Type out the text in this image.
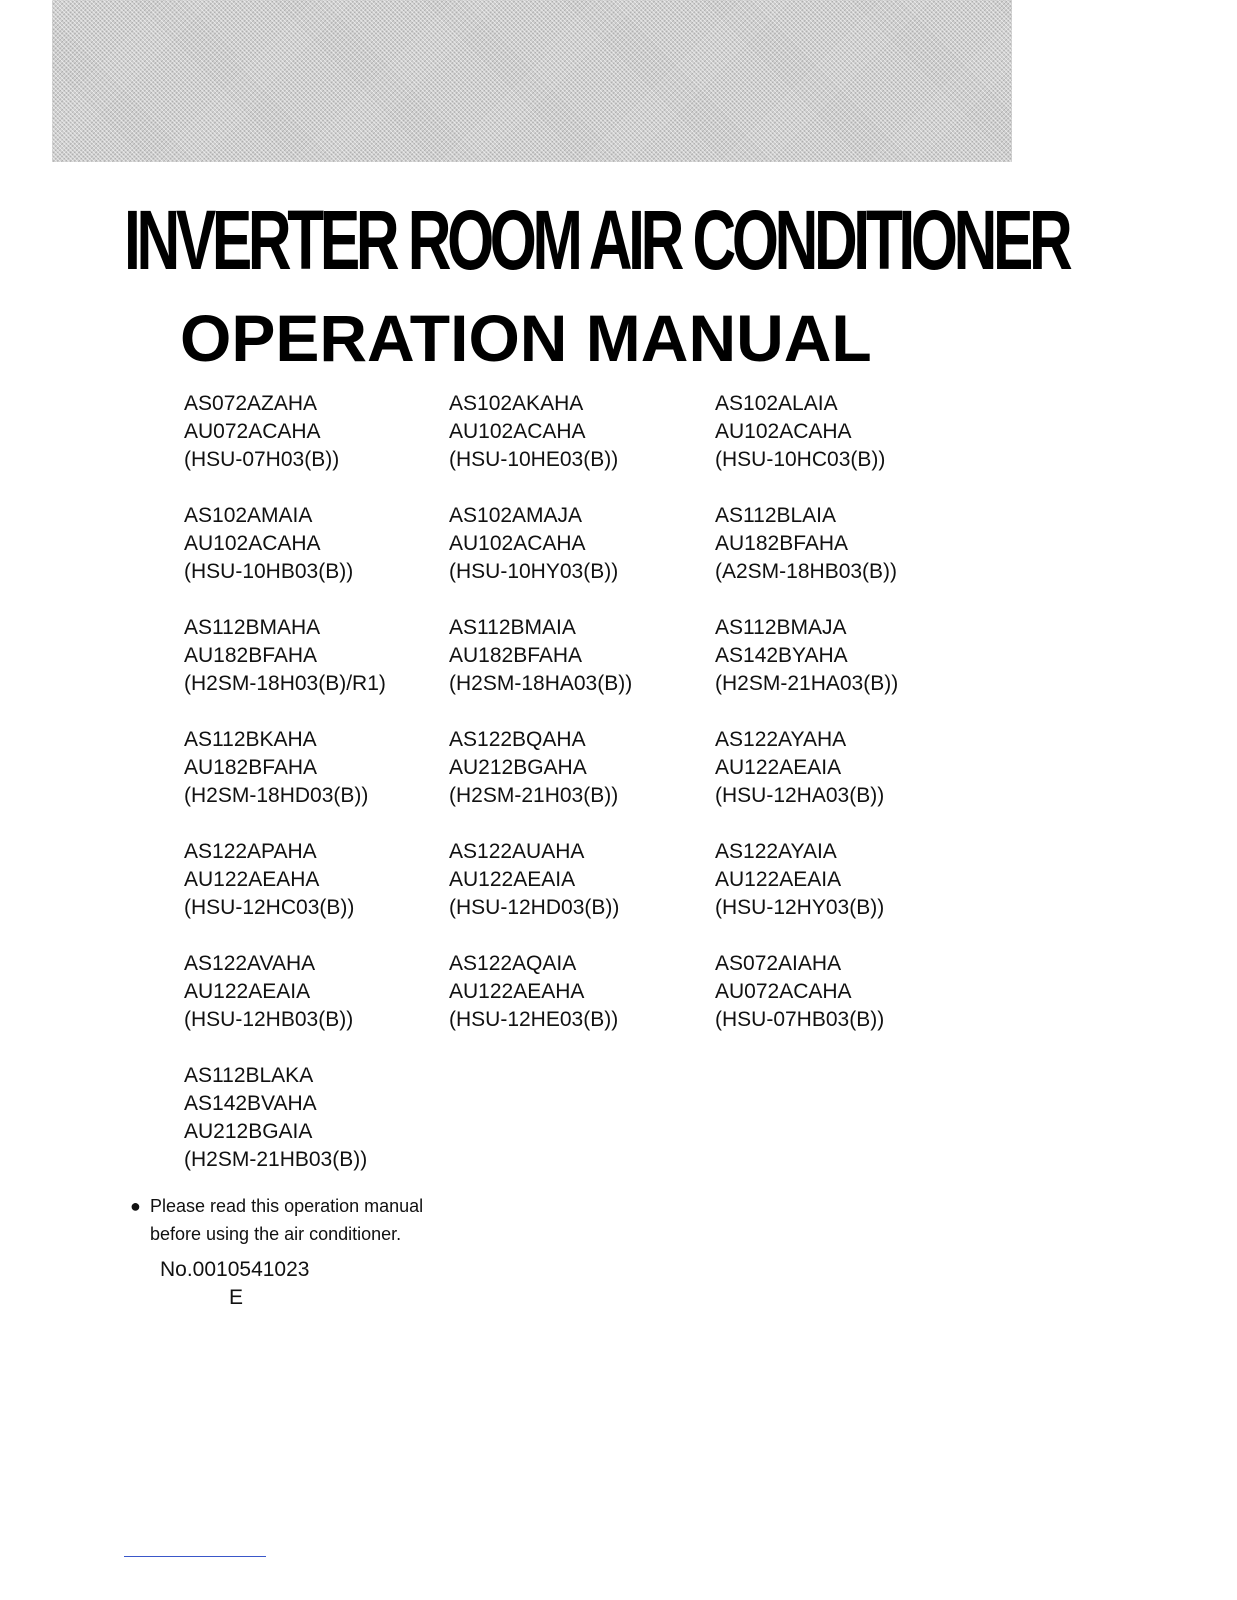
INVERTER ROOM AIR CONDITIONER
OPERATION MANUAL
AS072AZAHA
AU072ACAHA
(HSU-07H03(B))
AS102AKAHA
AU102ACAHA
(HSU-10HE03(B))
AS102ALAIA
AU102ACAHA
(HSU-10HC03(B))
AS102AMAIA
AU102ACAHA
(HSU-10HB03(B))
AS102AMAJA
AU102ACAHA
(HSU-10HY03(B))
AS112BLAIA
AU182BFAHA
(A2SM-18HB03(B))
AS112BMAHA
AU182BFAHA
(H2SM-18H03(B)/R1)
AS112BMAIA
AU182BFAHA
(H2SM-18HA03(B))
AS112BMAJA
AS142BYAHA
(H2SM-21HA03(B))
AS112BKAHA
AU182BFAHA
(H2SM-18HD03(B))
AS122BQAHA
AU212BGAHA
(H2SM-21H03(B))
AS122AYAHA
AU122AEAIA
(HSU-12HA03(B))
AS122APAHA
AU122AEAHA
(HSU-12HC03(B))
AS122AUAHA
AU122AEAIA
(HSU-12HD03(B))
AS122AYAIA
AU122AEAIA
(HSU-12HY03(B))
AS122AVAHA
AU122AEAIA
(HSU-12HB03(B))
AS122AQAIA
AU122AEAHA
(HSU-12HE03(B))
AS072AIAHA
AU072ACAHA
(HSU-07HB03(B))
AS112BLAKA
AS142BVAHA
AU212BGAIA
(H2SM-21HB03(B))
● Please read this operation manual
before using the air conditioner.
No.0010541023
E
